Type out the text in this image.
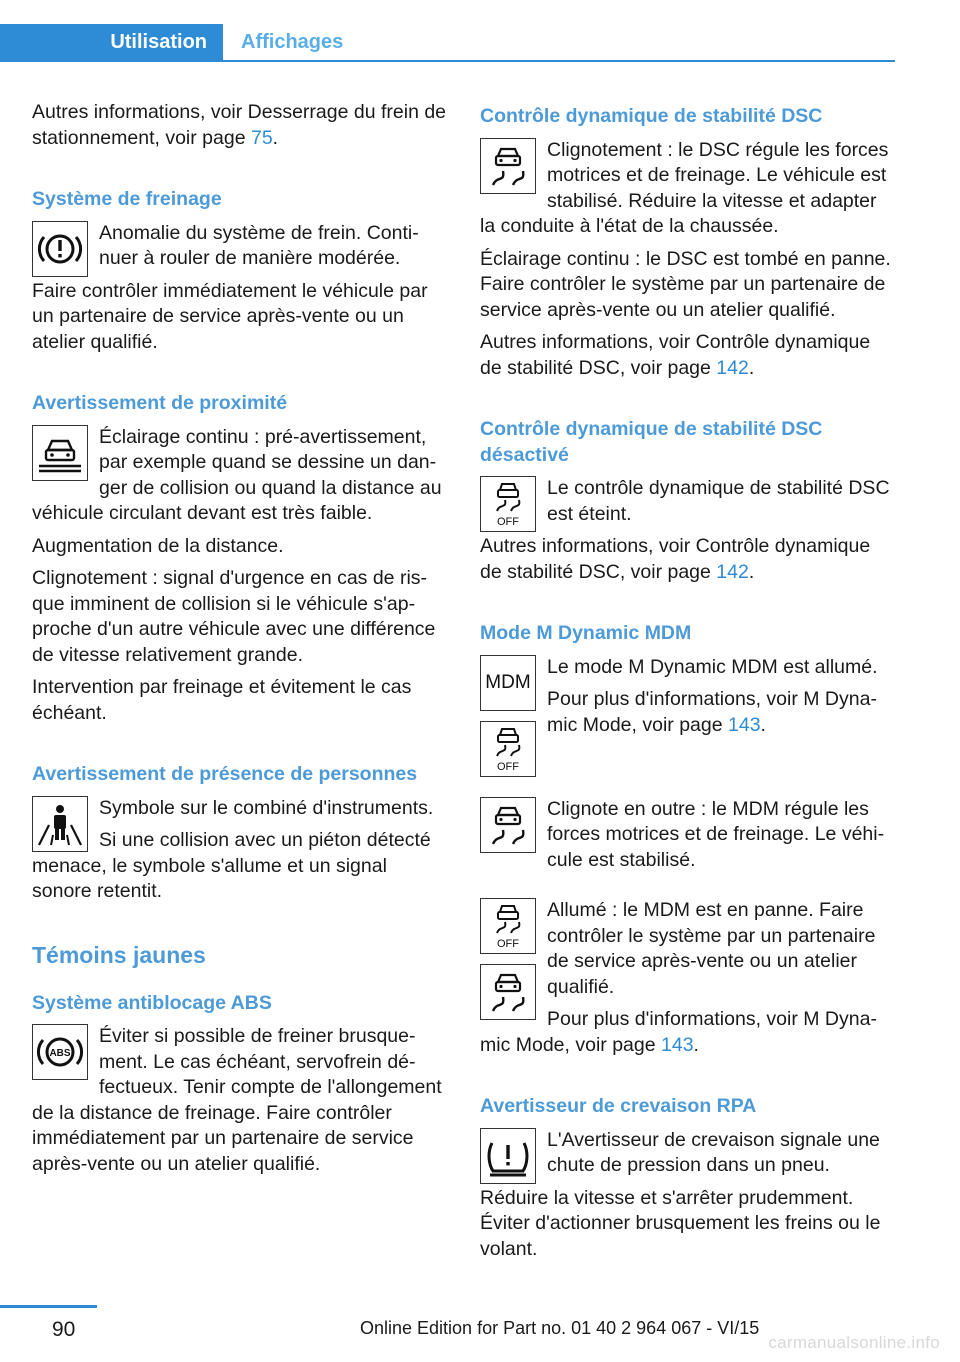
Utilisation	Affichages

Autres informations, voir Desserrage du frein de stationnement, voir page 75.

Système de freinage

Anomalie du système de frein. Continuer à rouler de manière modérée.

Faire contrôler immédiatement le véhicule par un partenaire de service après-vente ou un atelier qualifié.

Avertissement de proximité

Éclairage continu : pré-avertissement, par exemple quand se dessine un danger de collision ou quand la distance au véhicule circulant devant est très faible.

Augmentation de la distance.

Clignotement : signal d'urgence en cas de risque imminent de collision si le véhicule s'approche d'un autre véhicule avec une différence de vitesse relativement grande.

Intervention par freinage et évitement le cas échéant.

Avertissement de présence de personnes

Symbole sur le combiné d'instruments.

Si une collision avec un piéton détecté menace, le symbole s'allume et un signal sonore retentit.

Témoins jaunes
Système antiblocage ABS
ABS

Éviter si possible de freiner brusquement. Le cas échéant, servofrein défectueux. Tenir compte de l'allongement de la distance de freinage. Faire contrôler immédiatement par un partenaire de service après-vente ou un atelier qualifié.

Contrôle dynamique de stabilité DSC

Clignotement : le DSC régule les forces motrices et de freinage. Le véhicule est stabilisé. Réduire la vitesse et adapter la conduite à l'état de la chaussée.

Éclairage continu : le DSC est tombé en panne. Faire contrôler le système par un partenaire de service après-vente ou un atelier qualifié.

Autres informations, voir Contrôle dynamique de stabilité DSC, voir page 142.

Contrôle dynamique de stabilité DSC désactivé
OFF

Le contrôle dynamique de stabilité DSC est éteint.

Autres informations, voir Contrôle dynamique de stabilité DSC, voir page 142.

Mode M Dynamic MDM
MDM
OFF

Le mode M Dynamic MDM est allumé.

Pour plus d'informations, voir M Dynamic Mode, voir page 143.

Clignote en outre : le MDM régule les forces motrices et de freinage. Le véhicule est stabilisé.

OFF

Allumé : le MDM est en panne. Faire contrôler le système par un partenaire de service après-vente ou un atelier qualifié.

Pour plus d'informations, voir M Dynamic Mode, voir page 143.

Avertisseur de crevaison RPA

L'Avertisseur de crevaison signale une chute de pression dans un pneu.

Réduire la vitesse et s'arrêter prudemment. Éviter d'actionner brusquement les freins ou le volant.

90	Online Edition for Part no. 01 40 2 964 067 - VI/15
carmanualsonline.info
